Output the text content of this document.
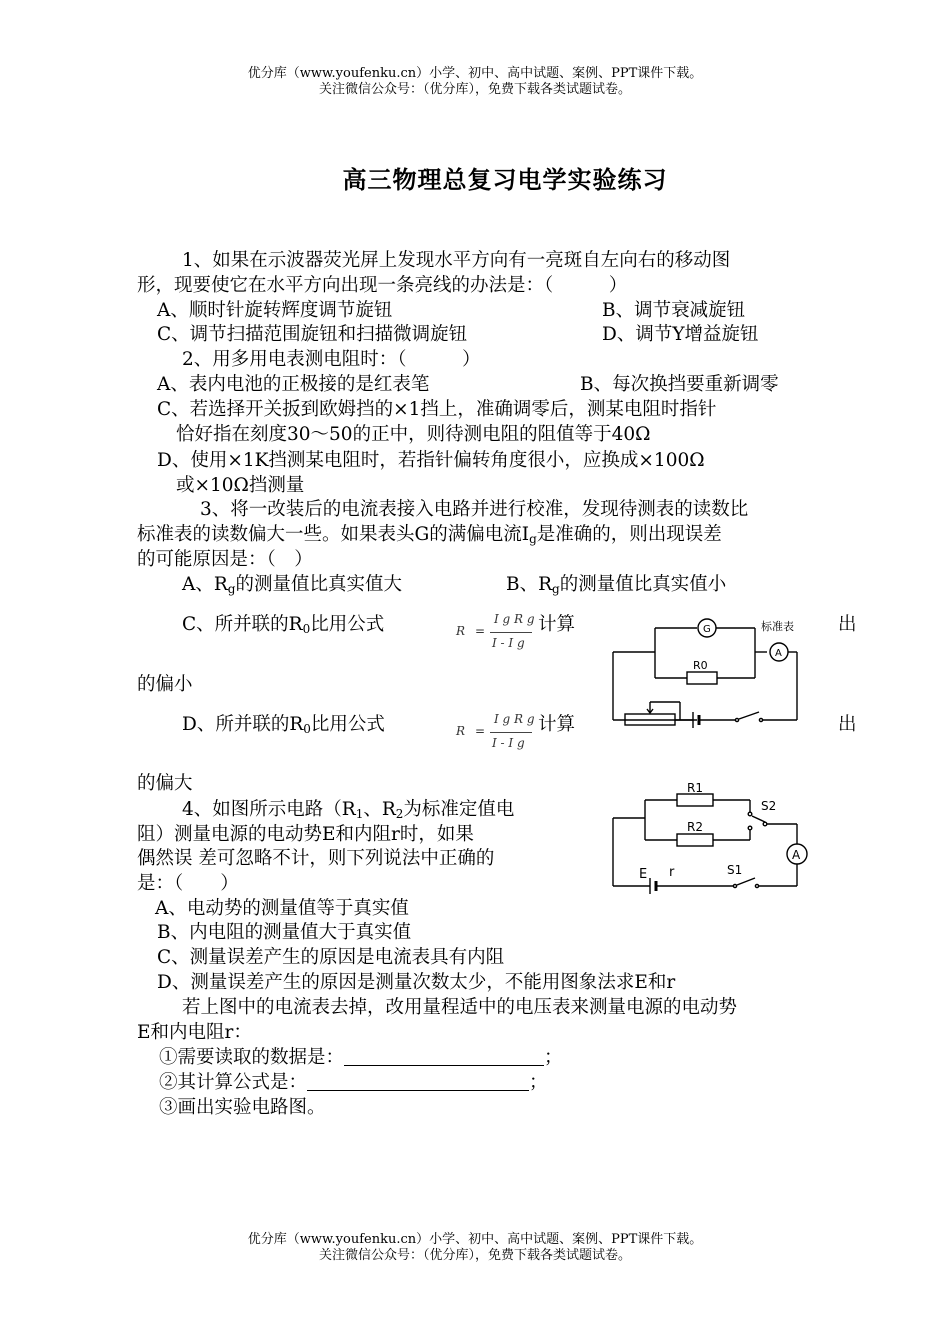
优分库（www.youfenku.cn）小学、初中、高中试题、案例、PPT课件下载。
关注微信公众号：（优分库），免费下载各类试题试卷。
高三物理总复习电学实验练习
1、如果在示波器荧光屏上发现水平方向有一亮斑自左向右的移动图
形，现要使它在水平方向出现一条亮线的办法是：（　　　）
A、顺时针旋转辉度调节旋钮	B、调节衰减旋钮
C、调节扫描范围旋钮和扫描微调旋钮	D、调节Y增益旋钮
2、用多用电表测电阻时：（　　　）
A、表内电池的正极接的是红表笔	B、每次换挡要重新调零
C、若选择开关扳到欧姆挡的×1挡上，准确调零后，测某电阻时指针
恰好指在刻度30～50的正中，则待测电阻的阻值等于40Ω
D、使用×1K挡测某电阻时，若指针偏转角度很小，应换成×100Ω
或×10Ω挡测量
3、将一改装后的电流表接入电路并进行校准，发现待测表的读数比
标准表的读数偏大一些。如果表头G的满偏电流$I_g$是准确的，则出现误差
的可能原因是：（　）
A、$R_g$的测量值比真实值大	B、$R_g$的测量值比真实值小
C、所并联的$R_0$比用公式	计算	出
的偏小
R =
I g R g
I - I g
D、所并联的$R_0$比用公式	计算	出
的偏大
R =
I g R g
I - I g
G	标准表
R0
A
4、如图所示电路（$R_1$、$R_2$为标准定值电
阻）测量电源的电动势E和内阻r时，如果
偶然误 差可忽略不计，则下列说法中正确的
是：（　　）
A、电动势的测量值等于真实值
B、内电阻的测量值大于真实值
C、测量误差产生的原因是电流表具有内阻
D、测量误差产生的原因是测量次数太少，不能用图象法求E和r
若上图中的电流表去掉，改用量程适中的电压表来测量电源的电动势
E和内电阻r：
①需要读取的数据是：	；
②其计算公式是：	；
③画出实验电路图。
R1
R2
S2
A
E r	S1
优分库（www.youfenku.cn）小学、初中、高中试题、案例、PPT课件下载。
关注微信公众号：（优分库），免费下载各类试题试卷。
